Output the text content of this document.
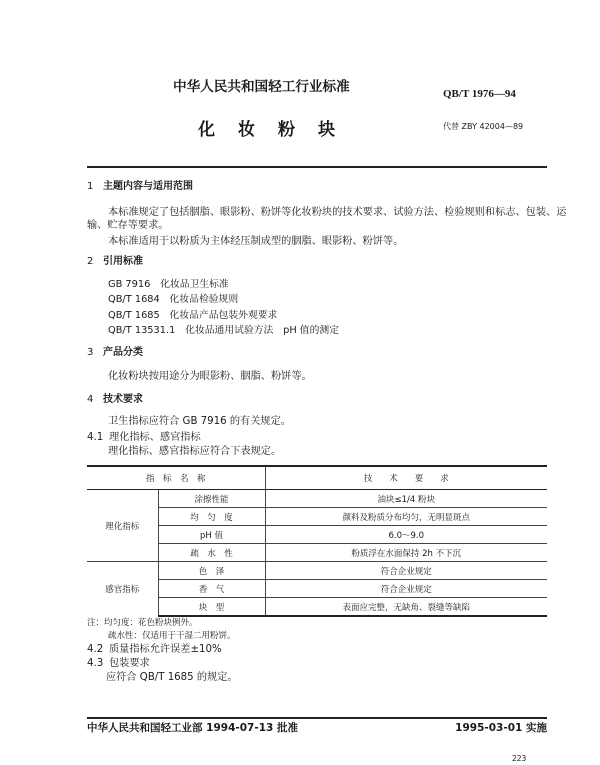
中华人民共和国轻工行业标准	QB/T 1976—94
化妆粉块	代替 ZBY 42004—89
1 主题内容与适用范围
本标准规定了包括胭脂、眼影粉、粉饼等化妆粉块的技术要求、试验方法、检验规则和标志、包装、运
输、贮存等要求。
本标准适用于以粉质为主体经压制成型的胭脂、眼影粉、粉饼等。
2 引用标准
GB 7916　化妆品卫生标准
QB/T 1684　化妆品检验规则
QB/T 1685　化妆品产品包装外观要求
QB/T 13531.1　化妆品通用试验方法　pH 值的测定
3 产品分类
化妆粉块按用途分为眼影粉、胭脂、粉饼等。
4 技术要求
卫生指标应符合 GB 7916 的有关规定。
4.1 理化指标、感官指标
理化指标、感官指标应符合下表规定。
指　标　名　称		技　　术　　要　　求
理化指标	涂擦性能	油块≤1/4 粉块
	均　匀　度	颜料及粉质分布均匀，无明显斑点
	pH 值	6.0～9.0
	疏　水　性	粉质浮在水面保持 2h 不下沉
感官指标	色　泽	符合企业规定
	香　气	符合企业规定
	块　型	表面应完整，无缺角、裂缝等缺陷
注：均匀度：花色粉块例外。
疏水性：仅适用于干湿二用粉饼。
4.2 质量指标允许误差±10%
4.3 包装要求
应符合 QB/T 1685 的规定。
中华人民共和国轻工业部 1994-07-13 批准	1995-03-01 实施
223
